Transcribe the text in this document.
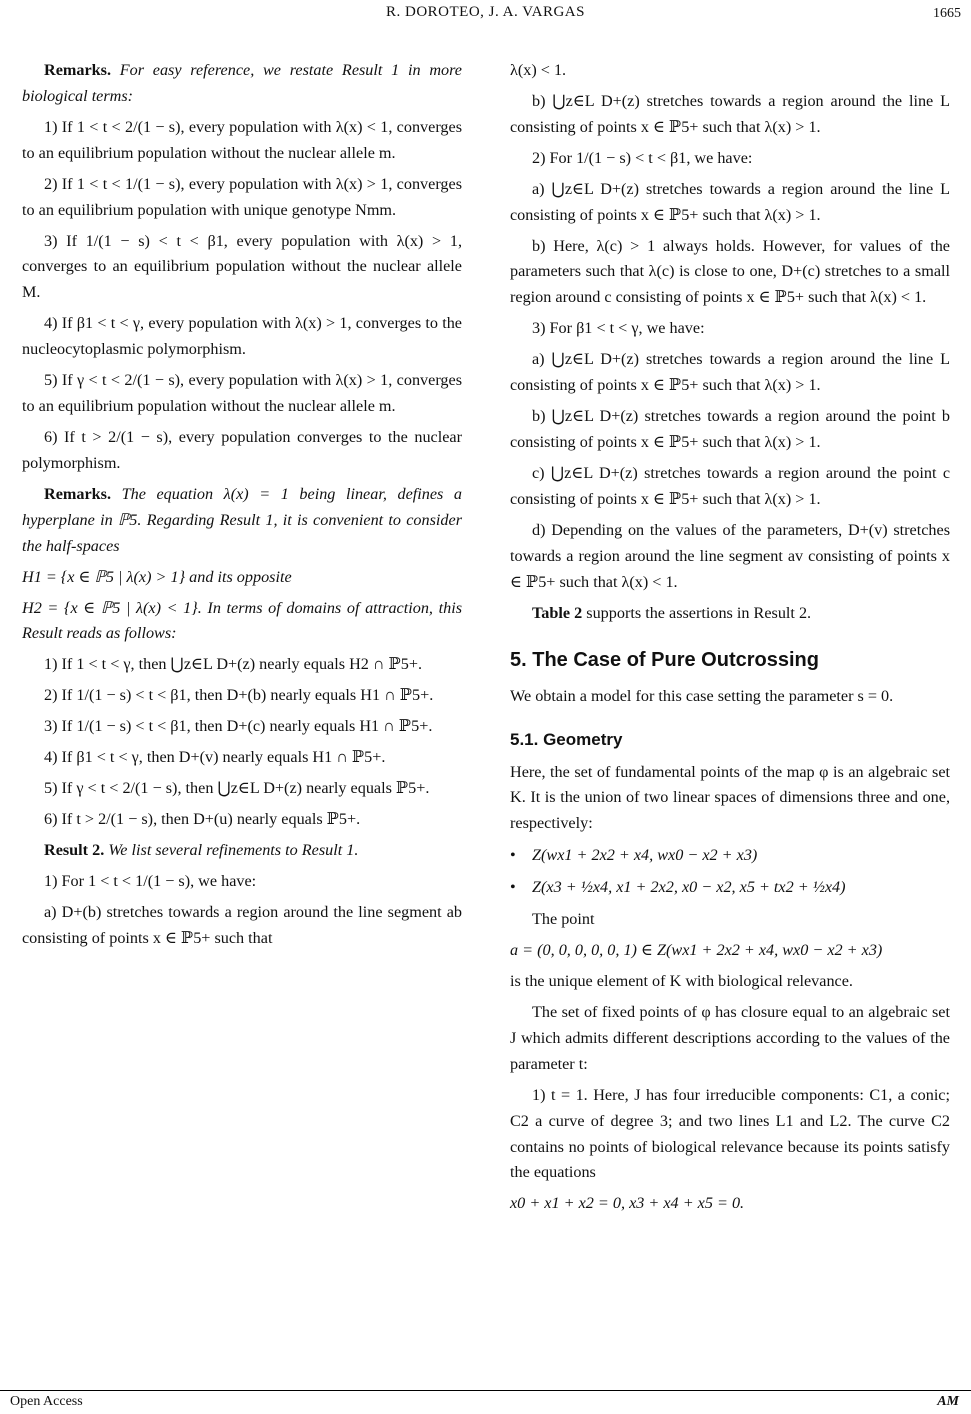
R. DOROTEO, J. A. VARGAS	1665

Remarks. For easy reference, we restate Result 1 in more biological terms:

1) If 1 < t < 2/(1 − s), every population with λ(x) < 1, converges to an equilibrium population without the nuclear allele m.

2) If 1 < t < 1/(1 − s), every population with λ(x) > 1, converges to an equilibrium population with unique genotype Nmm.

3) If 1/(1 − s) < t < β1, every population with λ(x) > 1, converges to an equilibrium population without the nuclear allele M.

4) If β1 < t < γ, every population with λ(x) > 1, converges to the nucleocytoplasmic polymorphism.

5) If γ < t < 2/(1 − s), every population with λ(x) > 1, converges to an equilibrium population without the nuclear allele m.

6) If t > 2/(1 − s), every population converges to the nuclear polymorphism.

Remarks. The equation λ(x) = 1 being linear, defines a hyperplane in ℙ5. Regarding Result 1, it is convenient to consider the half-spaces

H1 = {x ∈ ℙ5 | λ(x) > 1} and its opposite

H2 = {x ∈ ℙ5 | λ(x) < 1}. In terms of domains of attraction, this Result reads as follows:

1) If 1 < t < γ, then ⋃z∈L D+(z) nearly equals H2 ∩ ℙ5+.

2) If 1/(1 − s) < t < β1, then D+(b) nearly equals H1 ∩ ℙ5+.

3) If 1/(1 − s) < t < β1, then D+(c) nearly equals H1 ∩ ℙ5+.

4) If β1 < t < γ, then D+(v) nearly equals H1 ∩ ℙ5+.

5) If γ < t < 2/(1 − s), then ⋃z∈L D+(z) nearly equals ℙ5+.

6) If t > 2/(1 − s), then D+(u) nearly equals ℙ5+.

Result 2. We list several refinements to Result 1.

1) For 1 < t < 1/(1 − s), we have:

a) D+(b) stretches towards a region around the line segment ab consisting of points x ∈ ℙ5+ such that

λ(x) < 1.

b) ⋃z∈L D+(z) stretches towards a region around the line L consisting of points x ∈ ℙ5+ such that λ(x) > 1.

2) For 1/(1 − s) < t < β1, we have:

a) ⋃z∈L D+(z) stretches towards a region around the line L consisting of points x ∈ ℙ5+ such that λ(x) > 1.

b) Here, λ(c) > 1 always holds. However, for values of the parameters such that λ(c) is close to one, D+(c) stretches to a small region around c consisting of points x ∈ ℙ5+ such that λ(x) < 1.

3) For β1 < t < γ, we have:

a) ⋃z∈L D+(z) stretches towards a region around the line L consisting of points x ∈ ℙ5+ such that λ(x) > 1.

b) ⋃z∈L D+(z) stretches towards a region around the point b consisting of points x ∈ ℙ5+ such that λ(x) > 1.

c) ⋃z∈L D+(z) stretches towards a region around the point c consisting of points x ∈ ℙ5+ such that λ(x) > 1.

d) Depending on the values of the parameters, D+(v) stretches towards a region around the line segment av consisting of points x ∈ ℙ5+ such that λ(x) < 1.

Table 2 supports the assertions in Result 2.

5. The Case of Pure Outcrossing

We obtain a model for this case setting the parameter s = 0.

5.1. Geometry

Here, the set of fundamental points of the map φ is an algebraic set K. It is the union of two linear spaces of dimensions three and one, respectively:

• Z(wx1 + 2x2 + x4, wx0 − x2 + x3)
• Z(x3 + ½x4, x1 + 2x2, x0 − x2, x5 + tx2 + ½x4)

The point

a = (0, 0, 0, 0, 0, 1) ∈ Z(wx1 + 2x2 + x4, wx0 − x2 + x3)

is the unique element of K with biological relevance.

The set of fixed points of φ has closure equal to an algebraic set J which admits different descriptions according to the values of the parameter t:

1) t = 1. Here, J has four irreducible components: C1, a conic; C2 a curve of degree 3; and two lines L1 and L2. The curve C2 contains no points of biological relevance because its points satisfy the equations

x0 + x1 + x2 = 0, x3 + x4 + x5 = 0.

Open Access	AM
